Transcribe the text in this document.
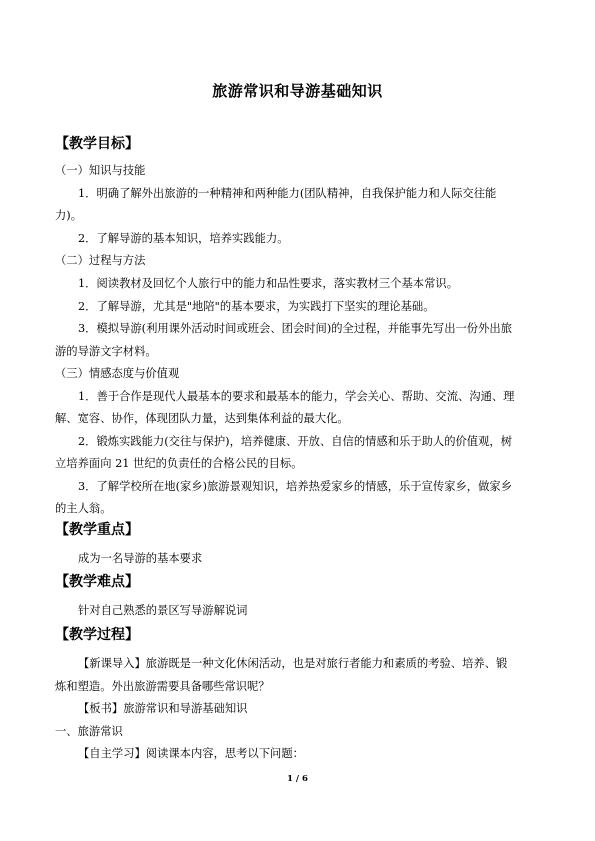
旅游常识和导游基础知识
【教学目标】
（一）知识与技能
1．明确了解外出旅游的一种精神和两种能力(团队精神，自我保护能力和人际交往能
力)。
2．了解导游的基本知识，培养实践能力。
（二）过程与方法
1．阅读教材及回忆个人旅行中的能力和品性要求，落实教材三个基本常识。
2．了解导游，尤其是"地陪"的基本要求，为实践打下坚实的理论基础。
3．模拟导游(利用课外活动时间或班会、团会时间)的全过程，并能事先写出一份外出旅
游的导游文字材料。
（三）情感态度与价值观
1．善于合作是现代人最基本的要求和最基本的能力，学会关心、帮助、交流、沟通、理
解、宽容、协作，体现团队力量，达到集体利益的最大化。
2．锻炼实践能力(交往与保护)，培养健康、开放、自信的情感和乐于助人的价值观，树
立培养面向 21 世纪的负责任的合格公民的目标。
3．了解学校所在地(家乡)旅游景观知识，培养热爱家乡的情感，乐于宣传家乡，做家乡
的主人翁。
【教学重点】
成为一名导游的基本要求
【教学难点】
针对自己熟悉的景区写导游解说词
【教学过程】
【新课导入】旅游既是一种文化休闲活动，也是对旅行者能力和素质的考验、培养、锻
炼和塑造。外出旅游需要具备哪些常识呢？
【板书】旅游常识和导游基础知识
一、旅游常识
【自主学习】阅读课本内容，思考以下问题：
1 / 6
